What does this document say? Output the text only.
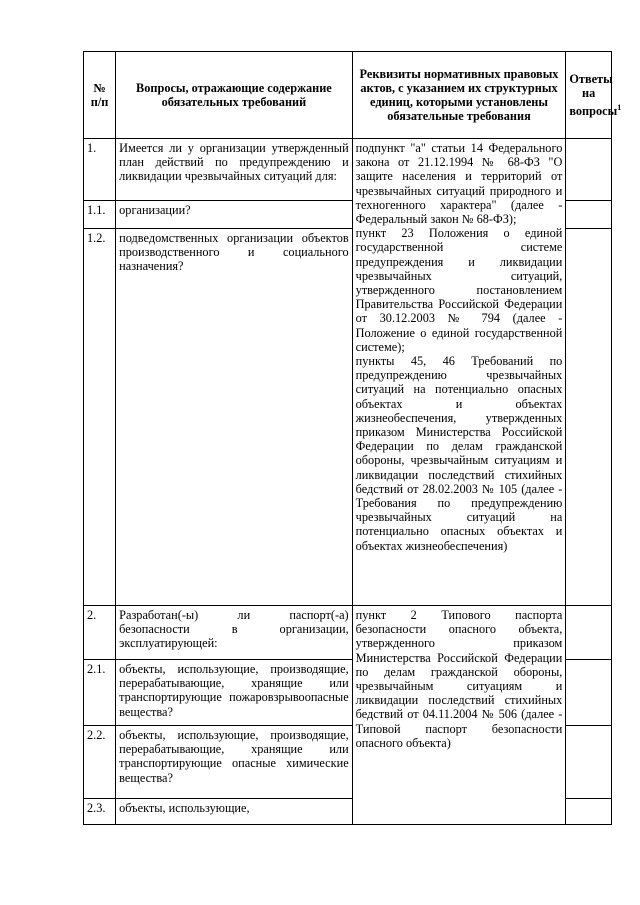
№ п/п	Вопросы, отражающие содержание обязательных требований	Реквизиты нормативных правовых актов, с указанием их структурных единиц, которыми установлены обязательные требования	Ответы на вопросы$^1$
1.	Имеется ли у организации утвержденный план действий по предупреждению и ликвидации чрезвычайных ситуаций для:	подпункт "а" статьи 14 Федерального закона от 21.12.1994 № 68-ФЗ "О защите населения и территорий от чрезвычайных ситуаций природного и техногенного характера" (далее - Федеральный закон № 68-ФЗ);
пункт 23 Положения о единой государственной системе предупреждения и ликвидации чрезвычайных ситуаций, утвержденного постановлением Правительства Российской Федерации от 30.12.2003 № 794 (далее - Положение о единой государственной системе);
пункты 45, 46 Требований по предупреждению чрезвычайных ситуаций на потенциально опасных объектах и объектах жизнеобеспечения, утвержденных приказом Министерства Российской Федерации по делам гражданской обороны, чрезвычайным ситуациям и ликвидации последствий стихийных бедствий от 28.02.2003 № 105 (далее - Требования по предупреждению чрезвычайных ситуаций на потенциально опасных объектах и объектах жизнеобеспечения)	
1.1.	организации?		
1.2.	подведомственных организации объектов производственного и социального назначения?		
2.	Разработан(-ы) ли паспорт(-а) безопасности в организации, эксплуатирующей:	пункт 2 Типового паспорта безопасности опасного объекта, утвержденного приказом Министерства Российской Федерации по делам гражданской обороны, чрезвычайным ситуациям и ликвидации последствий стихийных бедствий от 04.11.2004 № 506 (далее - Типовой паспорт безопасности опасного объекта)	
2.1.	объекты, использующие, производящие, перерабатывающие, хранящие или транспортирующие пожаровзрывоопасные вещества?		
2.2.	объекты, использующие, производящие, перерабатывающие, хранящие или транспортирующие опасные химические вещества?		
2.3.	объекты, использующие,		
